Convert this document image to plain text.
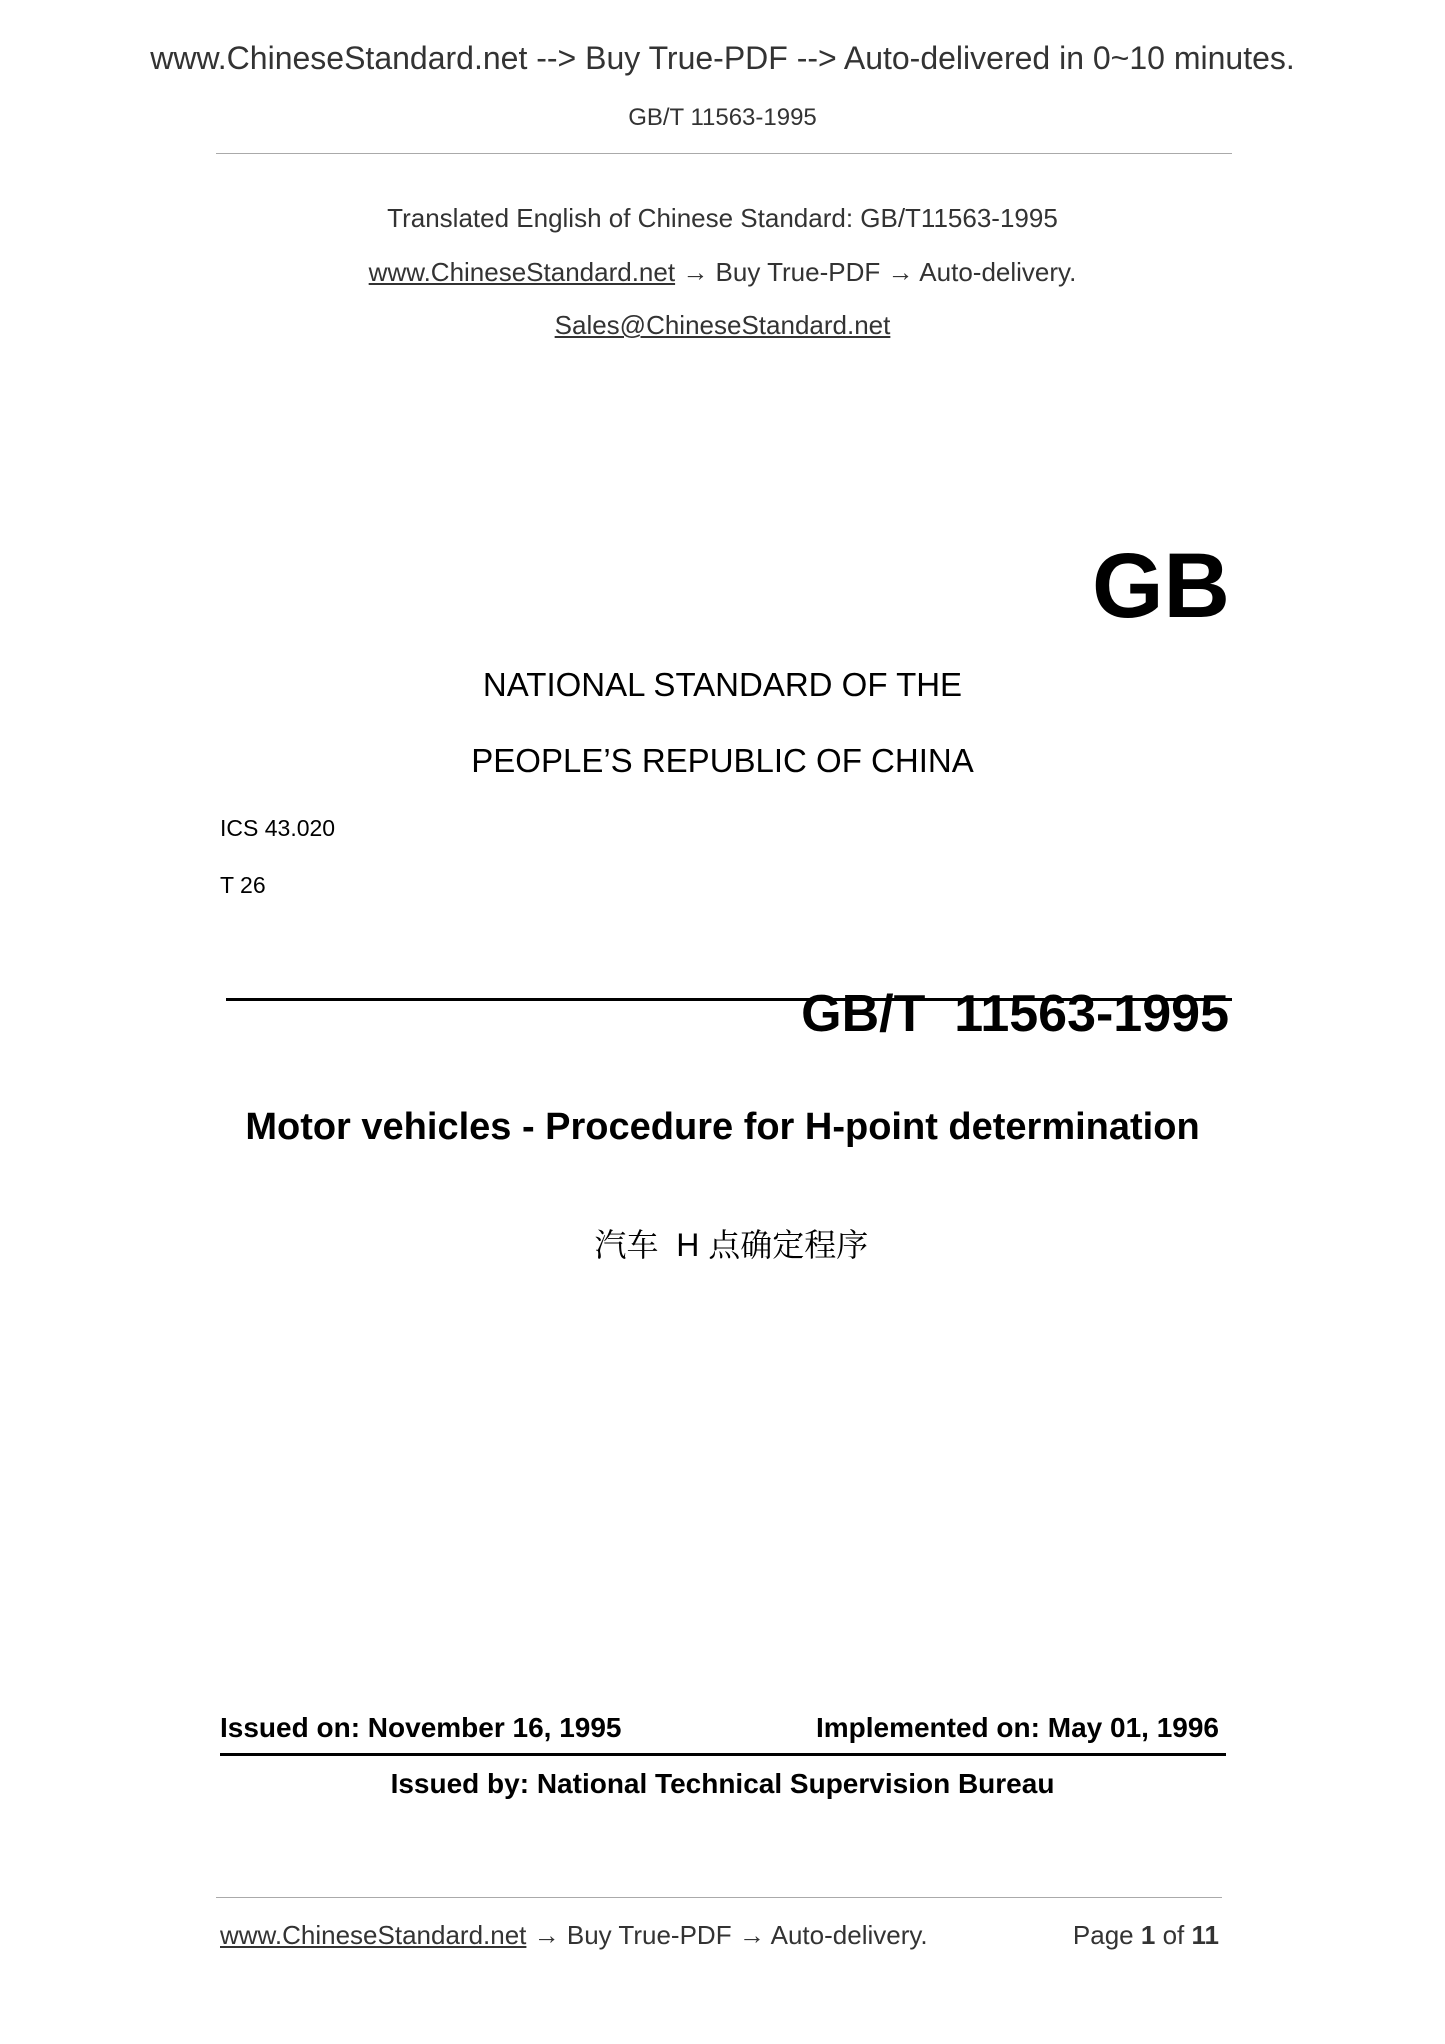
www.ChineseStandard.net --> Buy True-PDF --> Auto-delivered in 0~10 minutes.
GB/T 11563-1995
Translated English of Chinese Standard: GB/T11563-1995
www.ChineseStandard.net → Buy True-PDF → Auto-delivery.
Sales@ChineseStandard.net
GB
NATIONAL STANDARD OF THE
PEOPLE’S REPUBLIC OF CHINA
ICS 43.020
T 26

GB/T  11563-1995

Motor vehicles - Procedure for H-point determination

汽车  H 点确定程序

Issued on: November 16, 1995	Implemented on: May 01, 1996
Issued by: National Technical Supervision Bureau
www.ChineseStandard.net → Buy True-PDF → Auto-delivery.	Page 1 of 11
